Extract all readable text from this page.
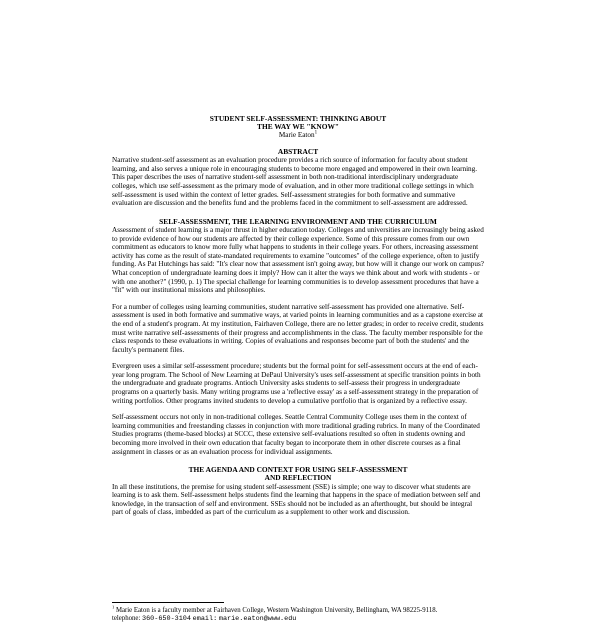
STUDENT SELF-ASSESSMENT: THINKING ABOUT

THE WAY WE "KNOW"

Marie Eaton$^1$

ABSTRACT

Narrative student-self assessment as an evaluation procedure provides a rich source of information for faculty about student learning, and also serves a unique role in encouraging students to become more engaged and empowered in their own learning. This paper describes the uses of narrative student-self assessment in both non-traditional interdisciplinary undergraduate colleges, which use self-assessment as the primary mode of evaluation, and in other more traditional college settings in which self-assessment is used within the context of letter grades. Self-assessment strategies for both formative and summative evaluation are discussion and the benefits fund and the problems faced in the commitment to self-assessment are addressed.

SELF-ASSESSMENT, THE LEARNING ENVIRONMENT AND THE CURRICULUM

Assessment of student learning is a major thrust in higher education today. Colleges and universities are increasingly being asked to provide evidence of how our students are affected by their college experience. Some of this pressure comes from our own commitment as educators to know more fully what happens to students in their college years. For others, increasing assessment activity has come as the result of state-mandated requirements to examine "outcomes" of the college experience, often to justify funding. As Pat Hutchings has said: "It's clear now that assessment isn't going away, but how will it change our work on campus? What conception of undergraduate learning does it imply? How can it alter the ways we think about and work with students - or with one another?" (1990, p. 1) The special challenge for learning communities is to develop assessment procedures that have a "fit" with our institutional missions and philosophies.

For a number of colleges using learning communities, student narrative self-assessment has provided one alternative. Self-assessment is used in both formative and summative ways, at varied points in learning communities and as a capstone exercise at the end of a student's program. At my institution, Fairhaven College, there are no letter grades; in order to receive credit, students must write narrative self-assessments of their progress and accomplishments in the class. The faculty member responsible for the class responds to these evaluations in writing. Copies of evaluations and responses become part of both the students' and the faculty's permanent files.

Evergreen uses a similar self-assessment procedure; students but the formal point for self-assessment occurs at the end of each-year long program. The School of New Learning at DePaul University's uses self-assessment at specific transition points in both the undergraduate and graduate programs. Antioch University asks students to self-assess their progress in undergraduate programs on a quarterly basis. Many writing programs use a 'reflective essay' as a self-assessment strategy in the preparation of writing portfolios. Other programs invited students to develop a cumulative portfolio that is organized by a reflective essay.

Self-assessment occurs not only in non-traditional colleges. Seattle Central Community College uses them in the context of learning communities and freestanding classes in conjunction with more traditional grading rubrics. In many of the Coordinated Studies programs (theme-based blocks) at SCCC, these extensive self-evaluations resulted so often in students owning and becoming more involved in their own education that faculty began to incorporate them in other discrete courses as a final assignment in classes or as an evaluation process for individual assignments.

THE AGENDA AND CONTEXT FOR USING SELF-ASSESSMENT

AND REFLECTION

In all these institutions, the premise for using student self-assessment (SSE) is simple; one way to discover what students are learning is to ask them. Self-assessment helps students find the learning that happens in the space of mediation between self and knowledge, in the transaction of self and environment. SSEs should not be included as an afterthought, but should be integral part of goals of class, imbedded as part of the curriculum as a supplement to other work and discussion.

$^1$ Marie Eaton is a faculty member at Fairhaven College, Western Washington University, Bellingham, WA 98225-9118.
telephone: 360-650-3104 email: marie.eaton@www.edu
